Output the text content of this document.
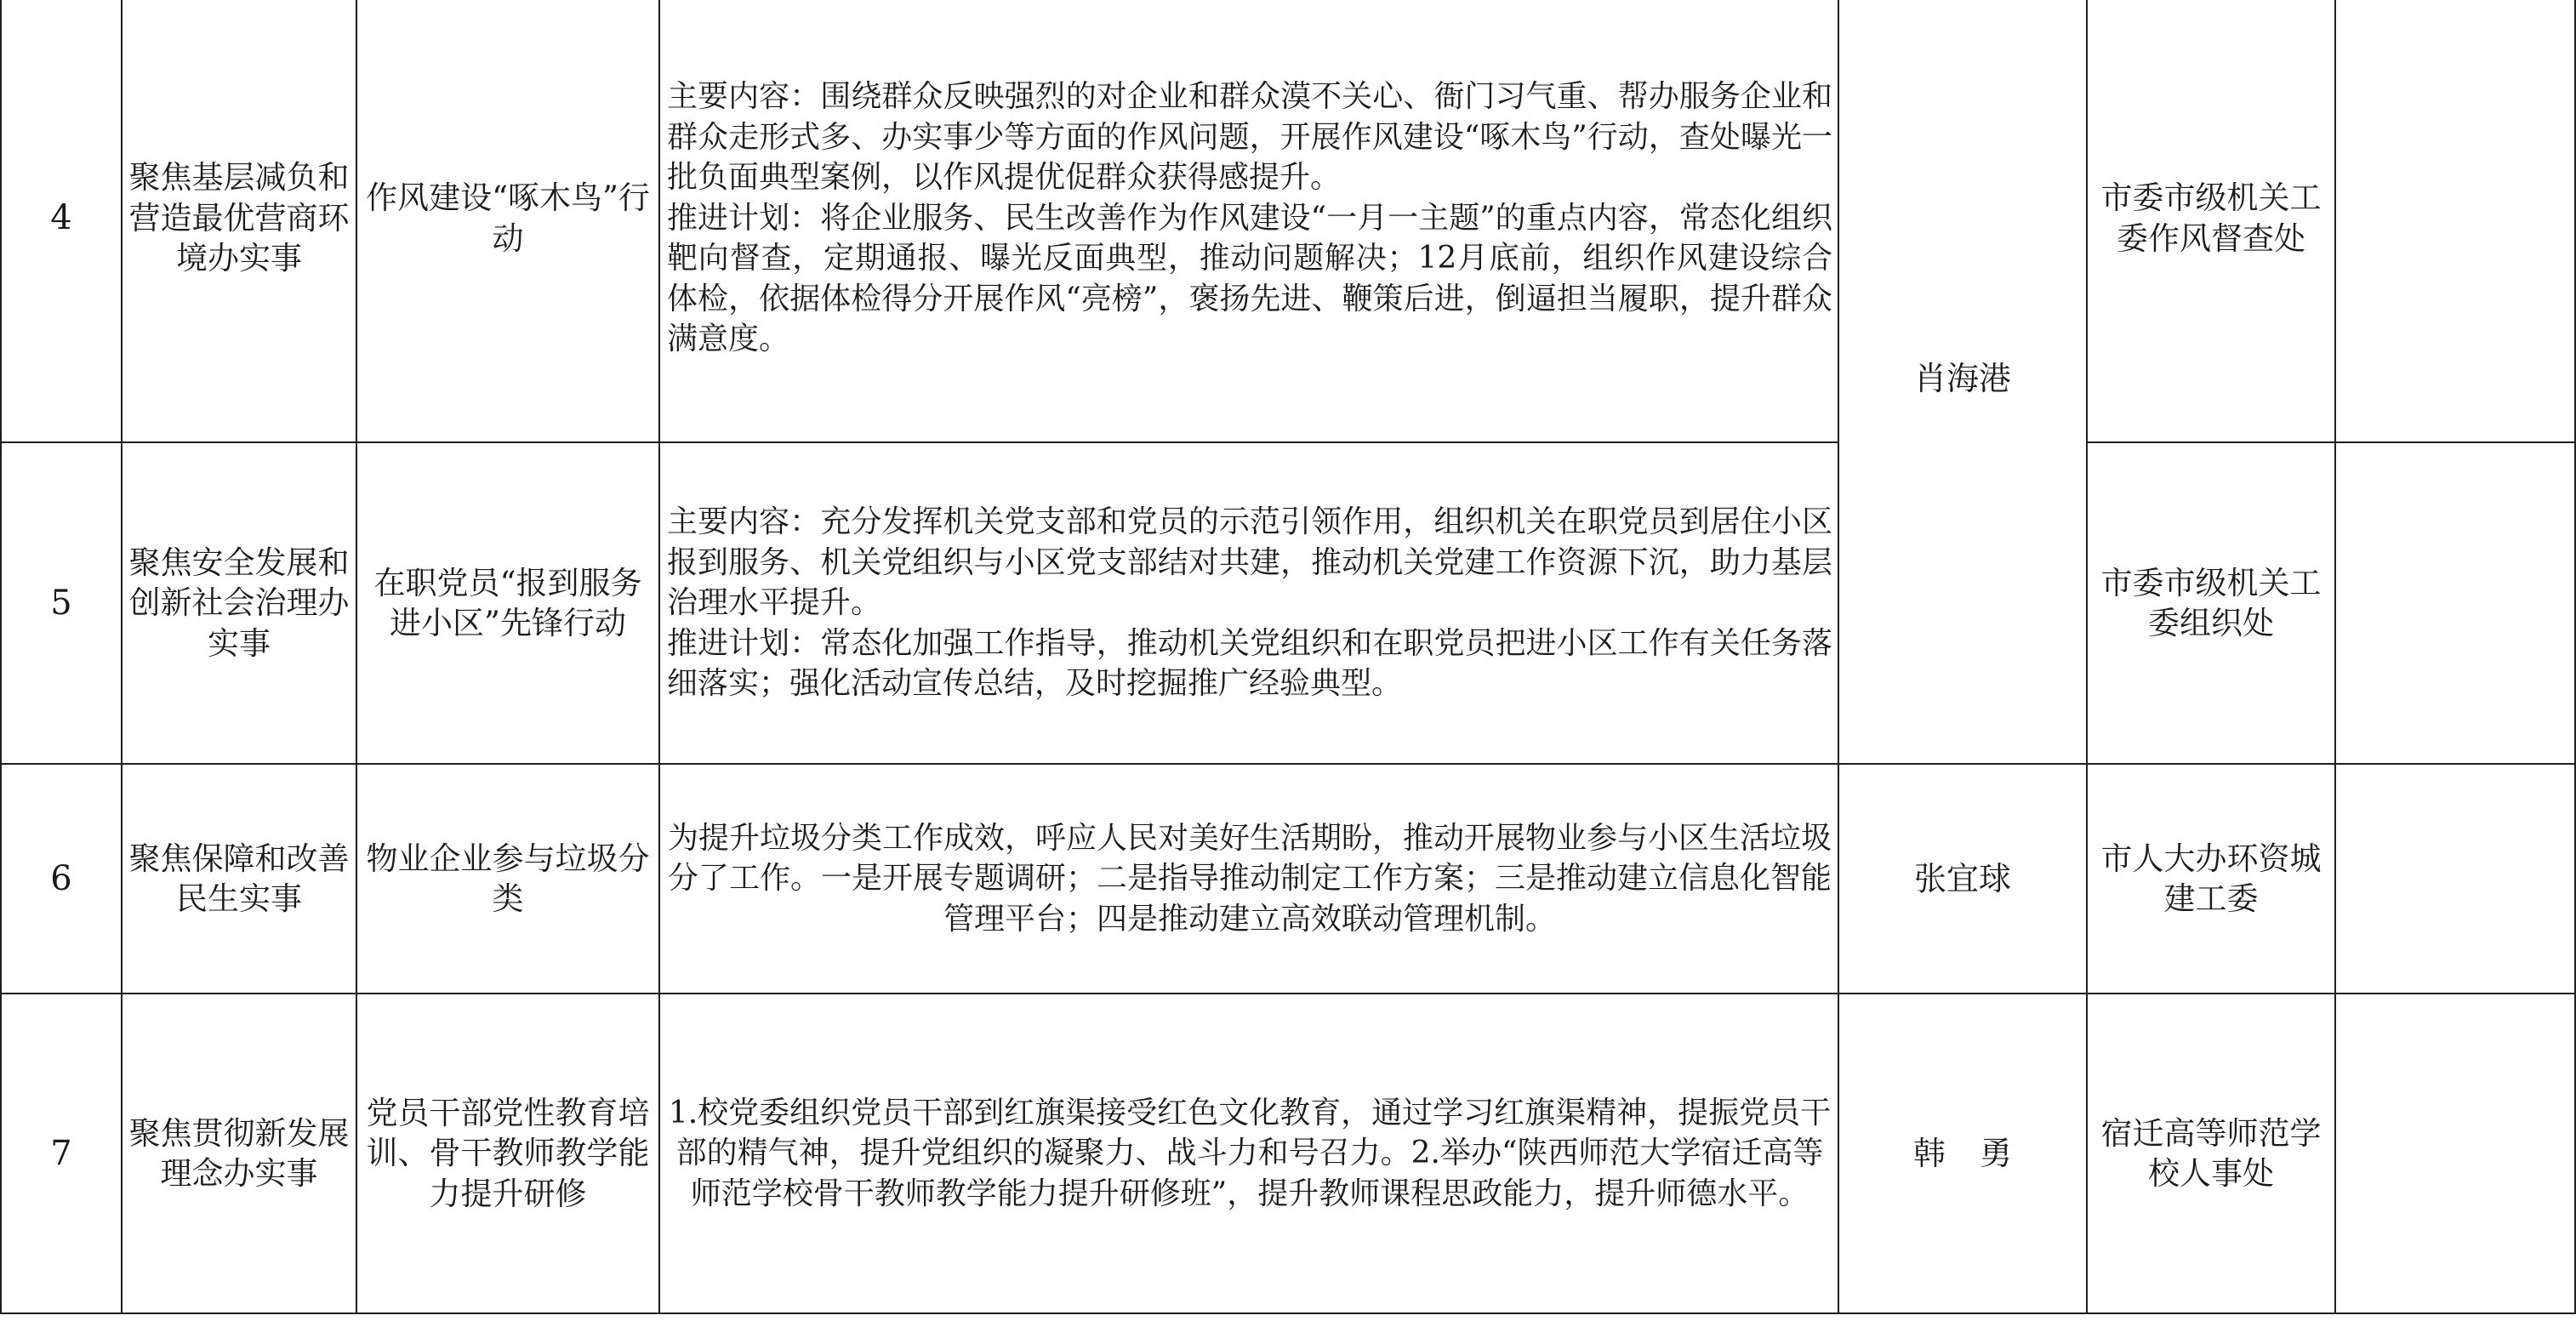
4	聚焦基层减负和营造最优营商环境办实事	作风建设“啄木鸟”行动	主要内容：围绕群众反映强烈的对企业和群众漠不关心、衙门习气重、帮办服务企业和群众走形式多、办实事少等方面的作风问题，开展作风建设“啄木鸟”行动，查处曝光一批负面典型案例，以作风提优促群众获得感提升。
推进计划：将企业服务、民生改善作为作风建设“一月一主题”的重点内容，常态化组织靶向督查，定期通报、曝光反面典型，推动问题解决；12月底前，组织作风建设综合体检，依据体检得分开展作风“亮榜”，褒扬先进、鞭策后进，倒逼担当履职，提升群众满意度。	肖海港	市委市级机关工委作风督查处	
5	聚焦安全发展和创新社会治理办实事	在职党员“报到服务进小区”先锋行动	主要内容：充分发挥机关党支部和党员的示范引领作用，组织机关在职党员到居住小区报到服务、机关党组织与小区党支部结对共建，推动机关党建工作资源下沉，助力基层治理水平提升。
推进计划：常态化加强工作指导，推动机关党组织和在职党员把进小区工作有关任务落细落实；强化活动宣传总结，及时挖掘推广经验典型。		市委市级机关工委组织处	
6	聚焦保障和改善民生实事	物业企业参与垃圾分类	为提升垃圾分类工作成效，呼应人民对美好生活期盼，推动开展物业参与小区生活垃圾分了工作。一是开展专题调研；二是指导推动制定工作方案；三是推动建立信息化智能管理平台；四是推动建立高效联动管理机制。	张宜球	市人大办环资城建工委	
7	聚焦贯彻新发展理念办实事	党员干部党性教育培训、骨干教师教学能力提升研修	1.校党委组织党员干部到红旗渠接受红色文化教育，通过学习红旗渠精神，提振党员干部的精气神，提升党组织的凝聚力、战斗力和号召力。2.举办“陕西师范大学宿迁高等师范学校骨干教师教学能力提升研修班”，提升教师课程思政能力，提升师德水平。	韩勇	宿迁高等师范学校人事处	
